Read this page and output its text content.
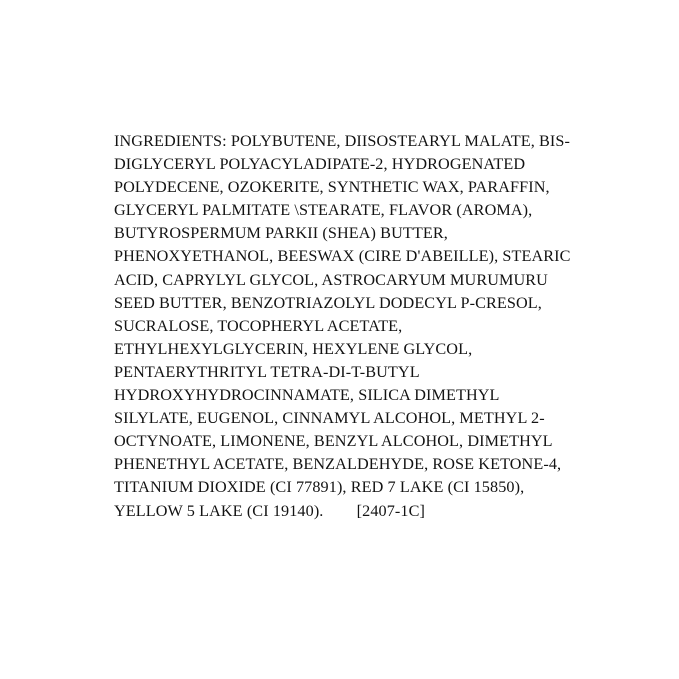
INGREDIENTS: POLYBUTENE, DIISOSTEARYL MALATE, BIS-DIGLYCERYL POLYACYLADIPATE-2, HYDROGENATED POLYDECENE, OZOKERITE, SYNTHETIC WAX, PARAFFIN, GLYCERYL PALMITATE \STEARATE, FLAVOR (AROMA), BUTYROSPERMUM PARKII (SHEA) BUTTER, PHENOXYETHANOL, BEESWAX (CIRE D'ABEILLE), STEARIC ACID, CAPRYLYL GLYCOL, ASTROCARYUM MURUMURU SEED BUTTER, BENZOTRIAZOLYL DODECYL P-CRESOL, SUCRALOSE, TOCOPHERYL ACETATE, ETHYLHEXYLGLYCERIN, HEXYLENE GLYCOL, PENTAERYTHRITYL TETRA-DI-T-BUTYL HYDROXYHYDROCINNAMATE, SILICA DIMETHYL SILYLATE, EUGENOL, CINNAMYL ALCOHOL, METHYL 2-OCTYNOATE, LIMONENE, BENZYL ALCOHOL, DIMETHYL PHENETHYL ACETATE, BENZALDEHYDE, ROSE KETONE-4, TITANIUM DIOXIDE (CI 77891), RED 7 LAKE (CI 15850), YELLOW 5 LAKE (CI 19140).        [2407-1C]
